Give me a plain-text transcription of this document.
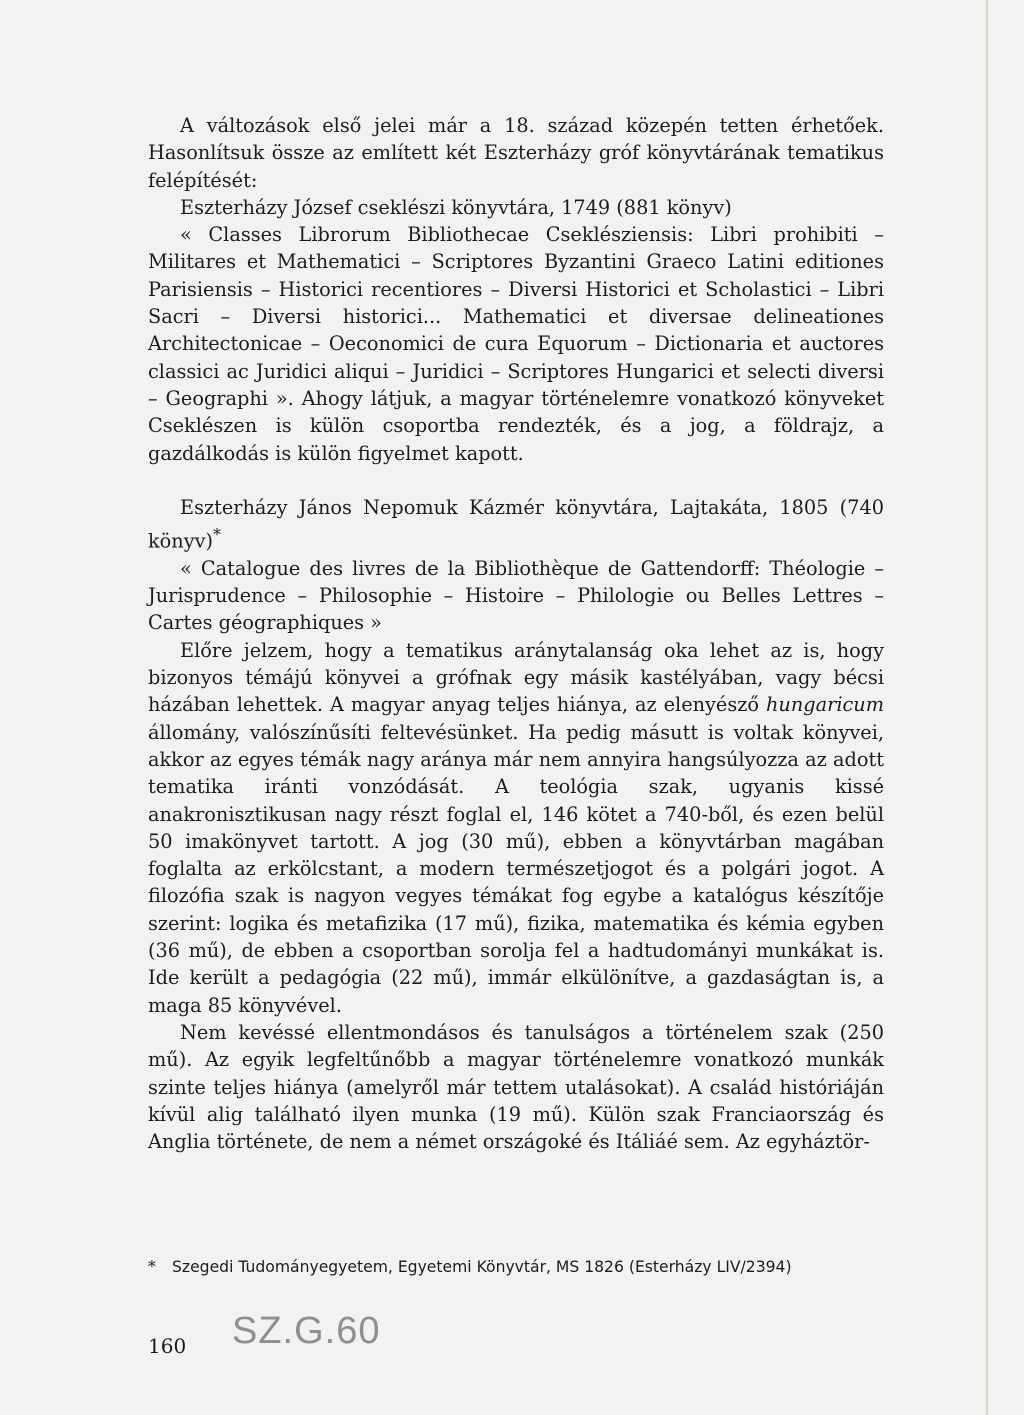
A változások első jelei már a 18. század közepén tetten érhetőek. Hasonlítsuk össze az említett két Eszterházy gróf könyvtárának tematikus felépítését:

Eszterházy József cseklészi könyvtára, 1749 (881 könyv)

« Classes Librorum Bibliothecae Cseklésziensis: Libri prohibiti – Militares et Mathematici – Scriptores Byzantini Graeco Latini editiones Parisiensis – Historici recentiores – Diversi Historici et Scholastici – Libri Sacri – Diversi historici... Mathematici et diversae delineationes Architectonicae – Oeconomici de cura Equorum – Dictionaria et auctores classici ac Juridici aliqui – Juridici – Scriptores Hungarici et selecti diversi – Geographi ». Ahogy látjuk, a magyar történelemre vonatkozó könyveket Cseklészen is külön csoportba rendezték, és a jog, a földrajz, a gazdálkodás is külön figyelmet kapott.

Eszterházy János Nepomuk Kázmér könyvtára, Lajtakáta, 1805 (740 könyv)*

« Catalogue des livres de la Bibliothèque de Gattendorff: Théologie – Jurisprudence – Philosophie – Histoire – Philologie ou Belles Lettres – Cartes géographiques »

Előre jelzem, hogy a tematikus aránytalanság oka lehet az is, hogy bizonyos témájú könyvei a grófnak egy másik kastélyában, vagy bécsi házában lehettek. A magyar anyag teljes hiánya, az elenyésző hungaricum állomány, valószínűsíti feltevésünket. Ha pedig másutt is voltak könyvei, akkor az egyes témák nagy aránya már nem annyira hangsúlyozza az adott tematika iránti vonzódását. A teológia szak, ugyanis kissé anakronisztikusan nagy részt foglal el, 146 kötet a 740-ből, és ezen belül 50 imakönyvet tartott. A jog (30 mű), ebben a könyvtárban magában foglalta az erkölcstant, a modern természetjogot és a polgári jogot. A filozófia szak is nagyon vegyes témákat fog egybe a katalógus készítője szerint: logika és metafizika (17 mű), fizika, matematika és kémia egyben (36 mű), de ebben a csoportban sorolja fel a hadtudományi munkákat is. Ide került a pedagógia (22 mű), immár elkülönítve, a gazdaságtan is, a maga 85 könyvével.

Nem kevéssé ellentmondásos és tanulságos a történelem szak (250 mű). Az egyik legfeltűnőbb a magyar történelemre vonatkozó munkák szinte teljes hiánya (amelyről már tettem utalásokat). A család históriáján kívül alig található ilyen munka (19 mű). Külön szak Franciaország és Anglia története, de nem a német országoké és Itáliáé sem. Az egyháztör-

* Szegedi Tudományegyetem, Egyetemi Könyvtár, MS 1826 (Esterházy LIV/2394)
160 SZ.G.60
